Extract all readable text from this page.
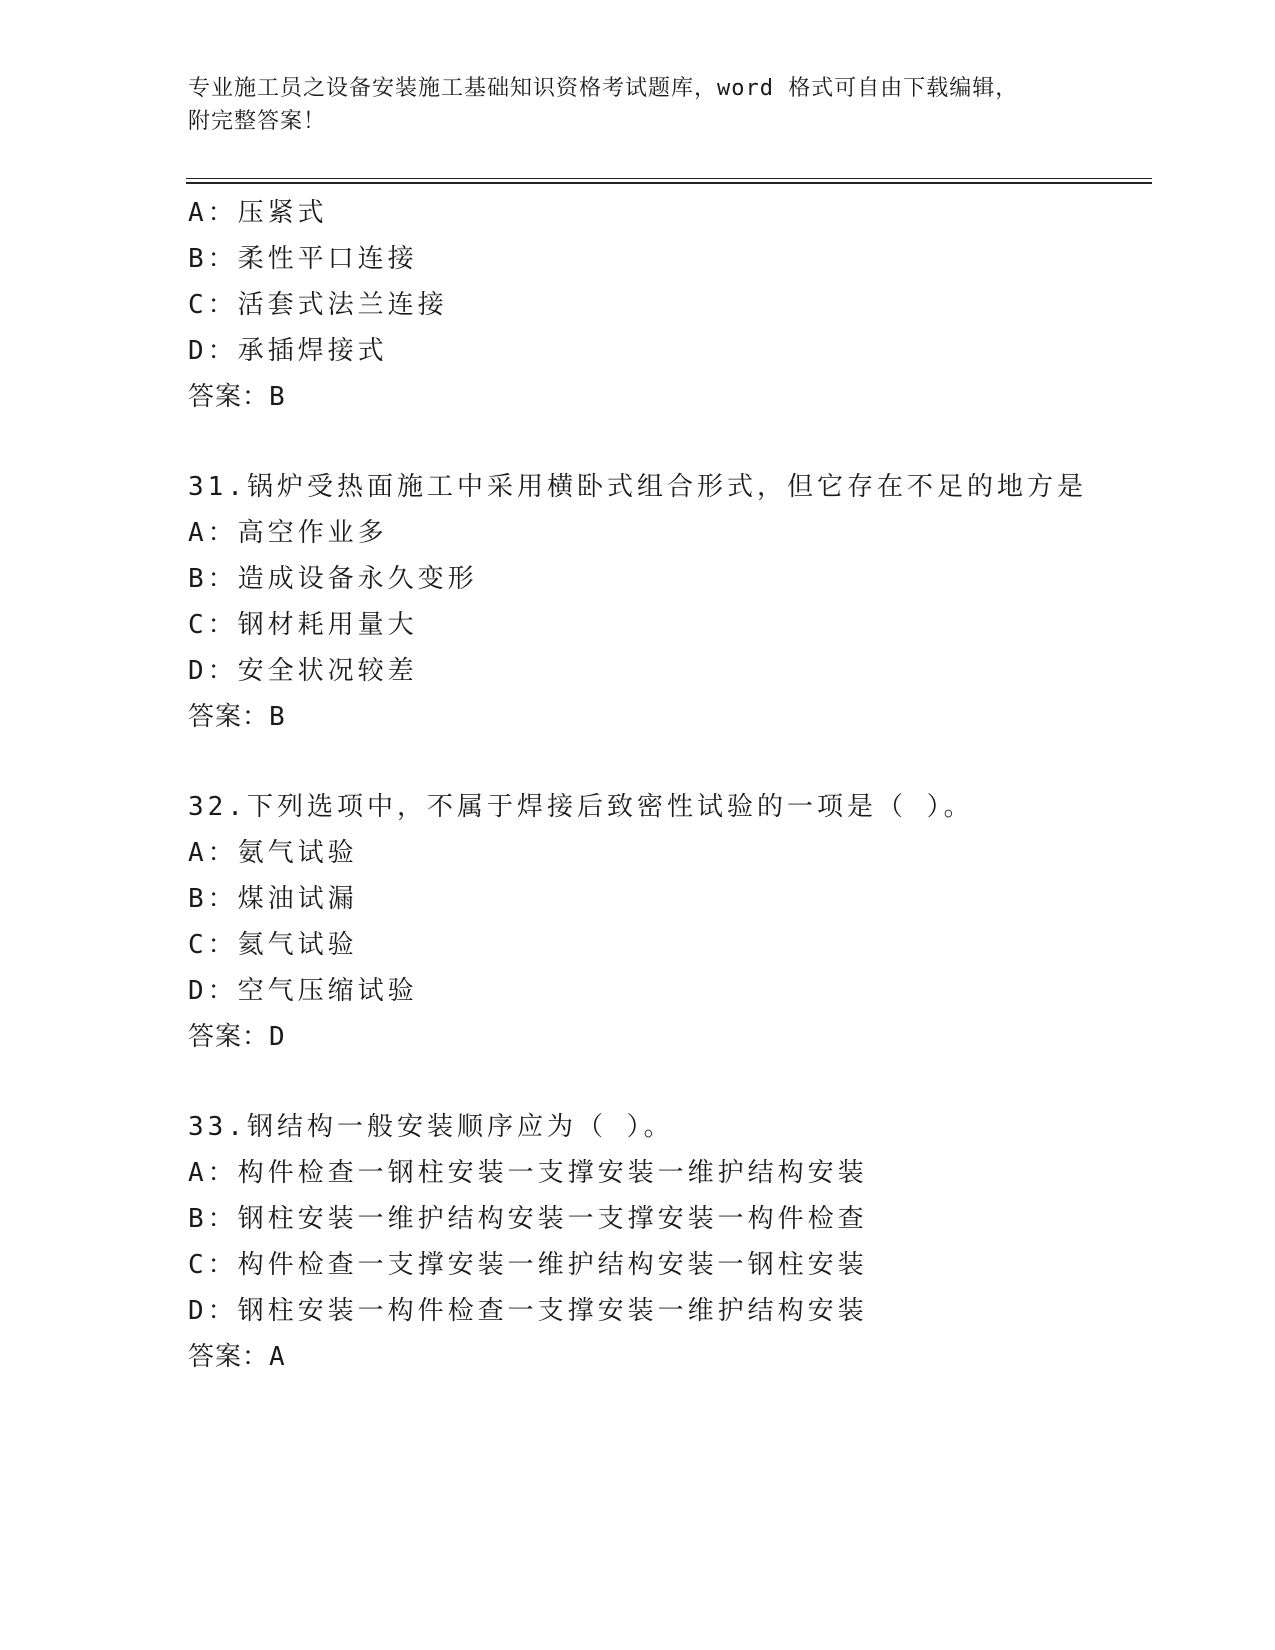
专业施工员之设备安装施工基础知识资格考试题库，word 格式可自由下载编辑，
附完整答案！
A：压紧式
B：柔性平口连接
C：活套式法兰连接
D：承插焊接式
答案：B
31.锅炉受热面施工中采用横卧式组合形式，但它存在不足的地方是
A：高空作业多
B：造成设备永久变形
C：钢材耗用量大
D：安全状况较差
答案：B
32.下列选项中，不属于焊接后致密性试验的一项是（ ）。
A：氨气试验
B：煤油试漏
C：氦气试验
D：空气压缩试验
答案：D
33.钢结构一般安装顺序应为（ ）。
A：构件检查一钢柱安装一支撑安装一维护结构安装
B：钢柱安装一维护结构安装一支撑安装一构件检查
C：构件检查一支撑安装一维护结构安装一钢柱安装
D：钢柱安装一构件检查一支撑安装一维护结构安装
答案：A
